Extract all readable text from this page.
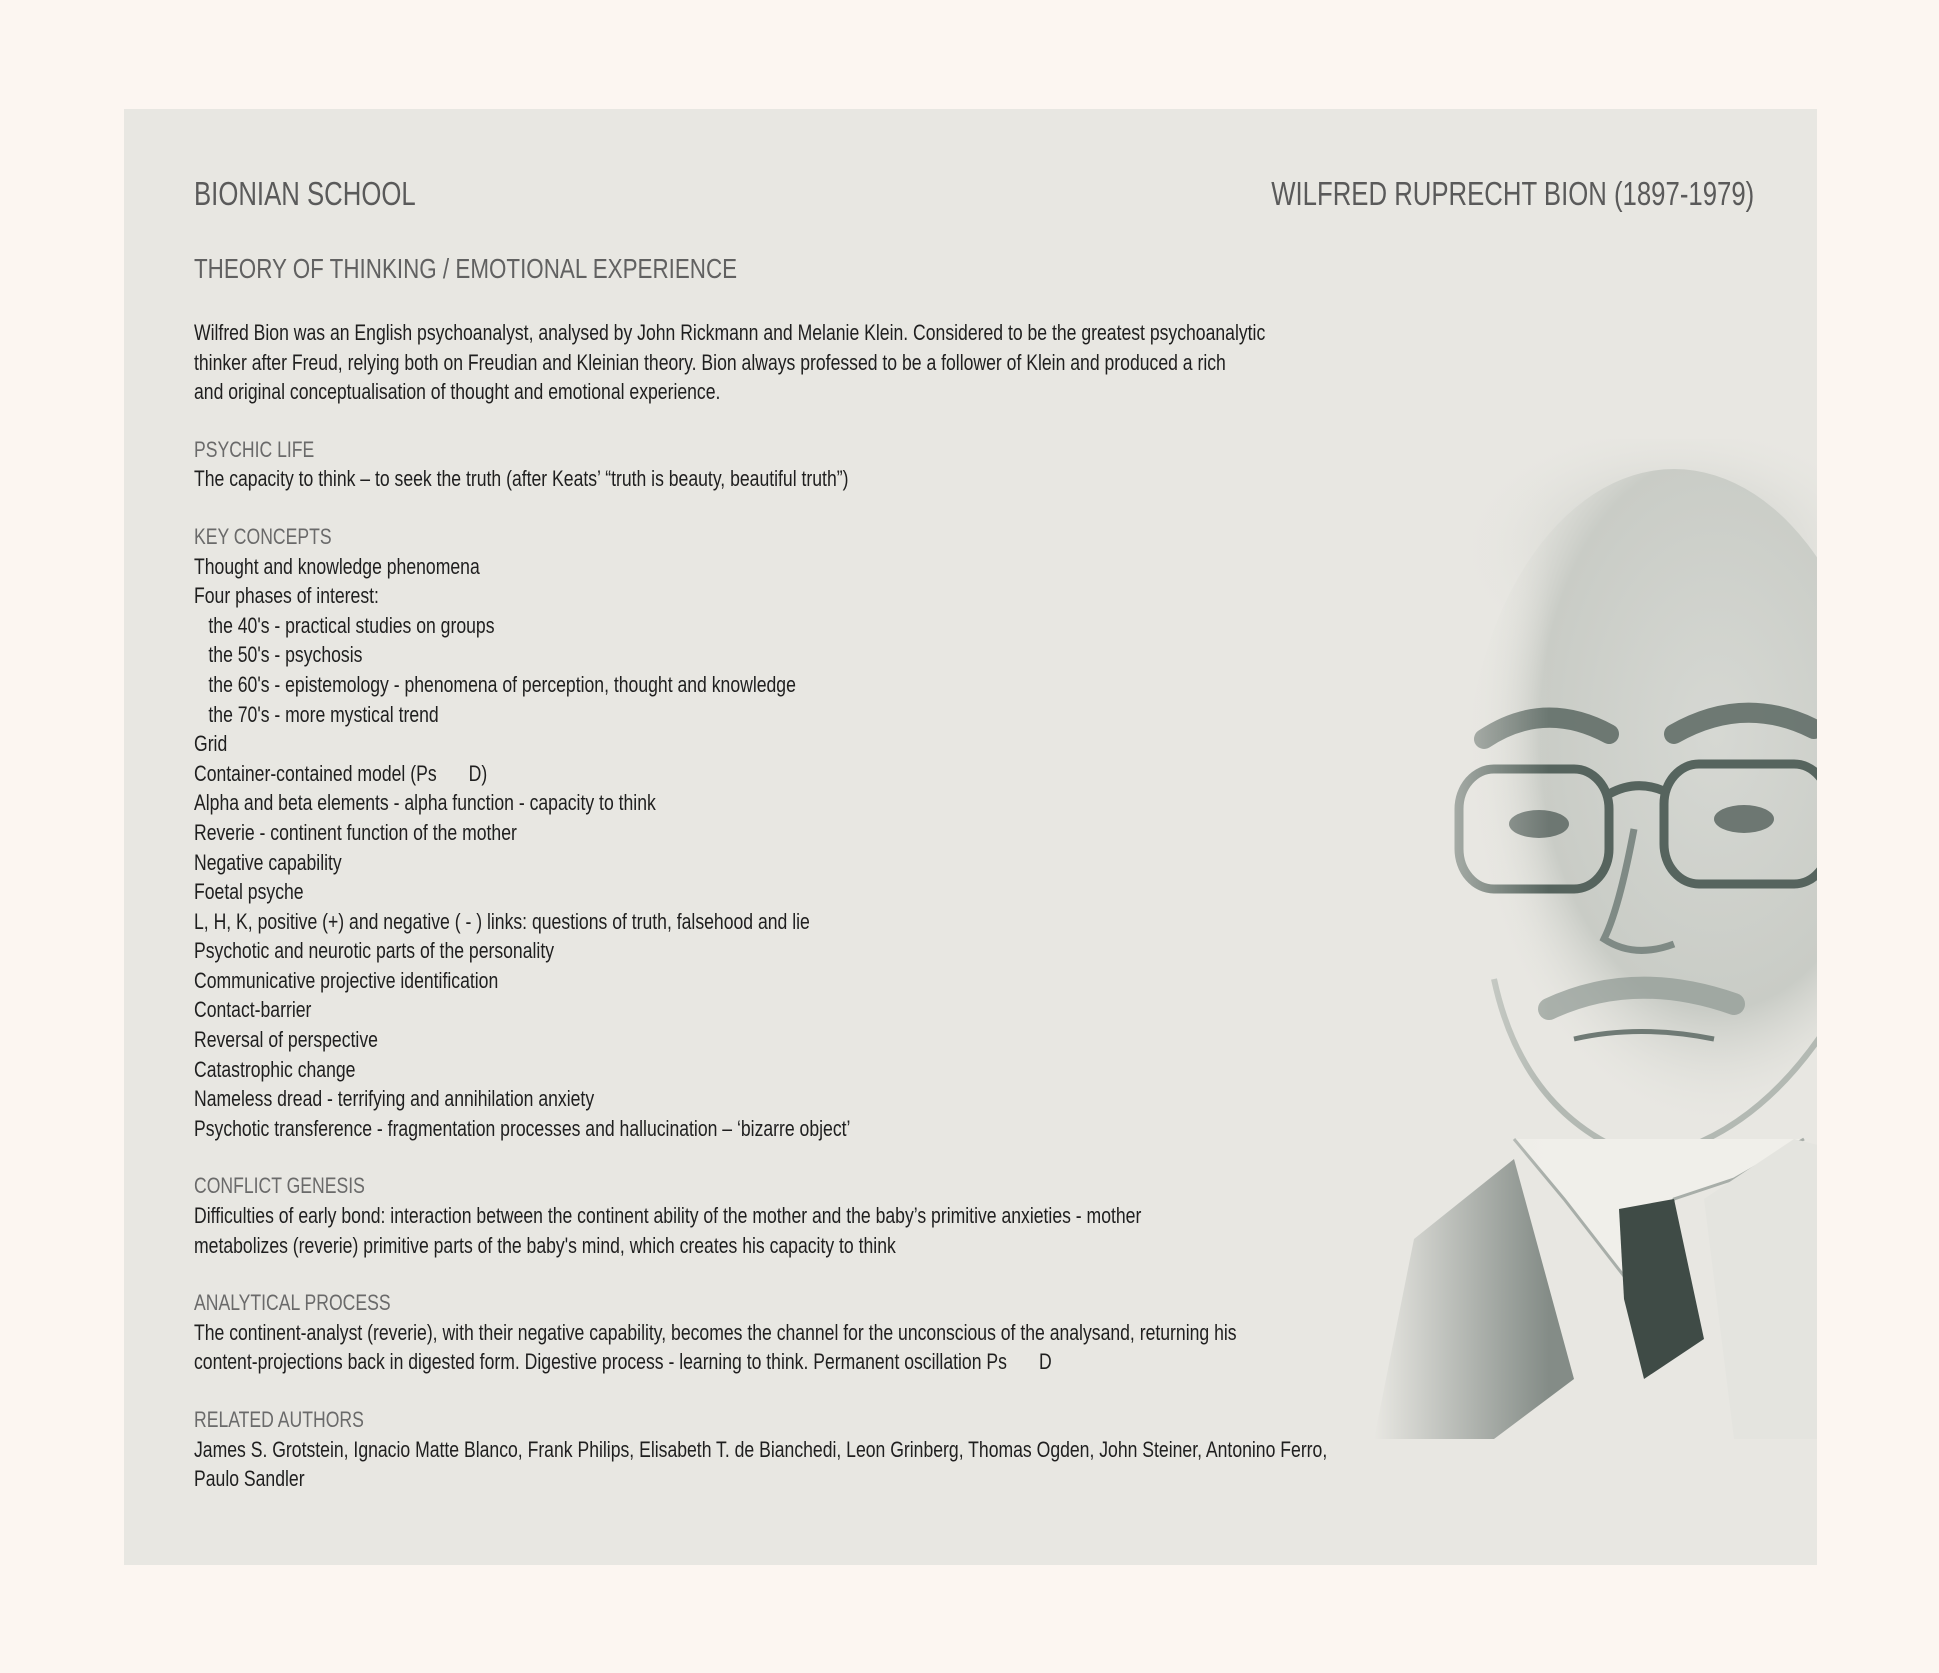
BIONIAN SCHOOL	WILFRED RUPRECHT BION (1897-1979)
THEORY OF THINKING / EMOTIONAL EXPERIENCE

Wilfred Bion was an English psychoanalyst, analysed by John Rickmann and Melanie Klein. Considered to be the greatest psychoanalytic

thinker after Freud, relying both on Freudian and Kleinian theory. Bion always professed to be a follower of Klein and produced a rich

and original conceptualisation of thought and emotional experience.

PSYCHIC LIFE
The capacity to think – to seek the truth (after Keats’ “truth is beauty, beautiful truth”)
KEY CONCEPTS
Thought and knowledge phenomena
Four phases of interest:
the 40's - practical studies on groups
the 50's - psychosis
the 60's - epistemology - phenomena of perception, thought and knowledge
the 70's - more mystical trend
Grid
Container-contained model (Ps D)
Alpha and beta elements - alpha function - capacity to think
Reverie - continent function of the mother
Negative capability
Foetal psyche
L, H, K, positive (+) and negative ( - ) links: questions of truth, falsehood and lie
Psychotic and neurotic parts of the personality
Communicative projective identification
Contact-barrier
Reversal of perspective
Catastrophic change
Nameless dread - terrifying and annihilation anxiety
Psychotic transference - fragmentation processes and hallucination – ‘bizarre object’
CONFLICT GENESIS
Difficulties of early bond: interaction between the continent ability of the mother and the baby’s primitive anxieties - mother
metabolizes (reverie) primitive parts of the baby's mind, which creates his capacity to think
ANALYTICAL PROCESS
The continent-analyst (reverie), with their negative capability, becomes the channel for the unconscious of the analysand, returning his
content-projections back in digested form. Digestive process - learning to think. Permanent oscillation Ps D
RELATED AUTHORS
James S. Grotstein, Ignacio Matte Blanco, Frank Philips, Elisabeth T. de Bianchedi, Leon Grinberg, Thomas Ogden, John Steiner, Antonino Ferro,
Paulo Sandler
